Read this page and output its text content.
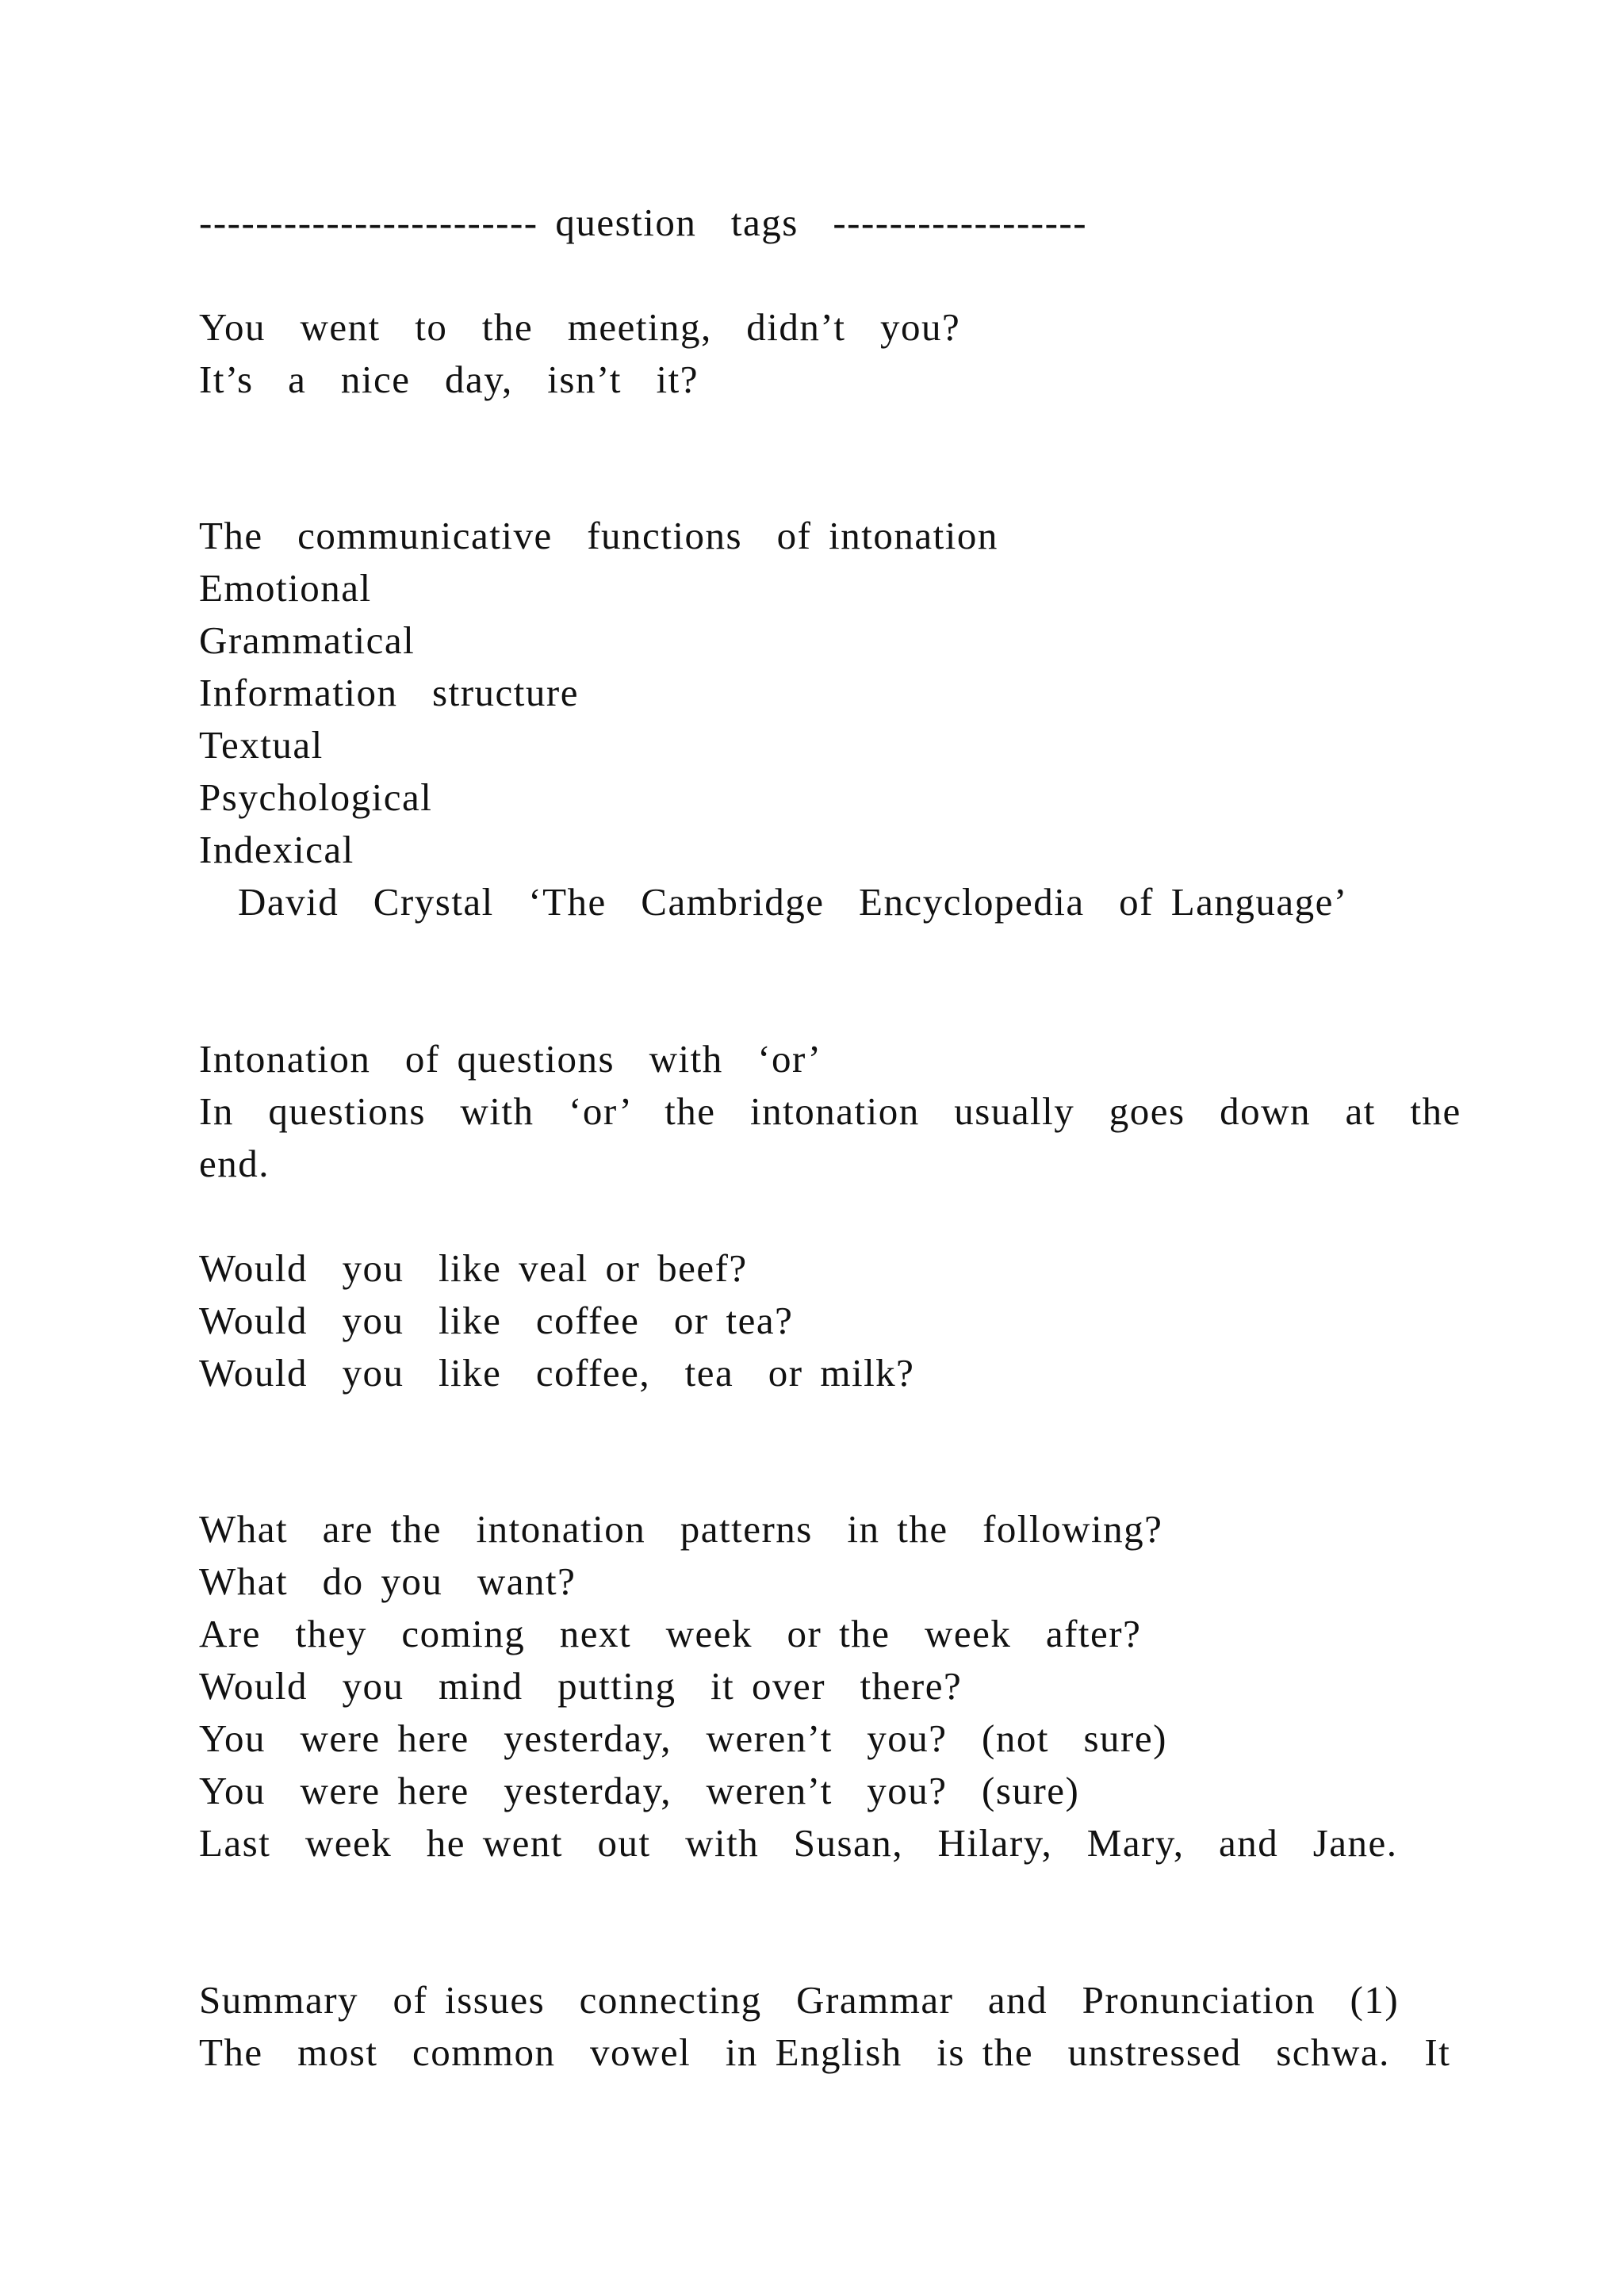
------------------------ question  tags  ------------------
You  went  to  the  meeting,  didn’t  you?
It’s  a  nice  day,  isn’t  it?
The  communicative  functions  of intonation
Emotional
Grammatical
Information  structure
Textual
Psychological
Indexical
David  Crystal  ‘The  Cambridge  Encyclopedia  of Language’
Intonation  of questions  with  ‘or’
In  questions  with  ‘or’  the  intonation  usually  goes  down  at  the
end.
Would  you  like veal or beef?
Would  you  like  coffee  or tea?
Would  you  like  coffee,  tea  or milk?
What  are the  intonation  patterns  in the  following?
What  do you  want?
Are  they  coming  next  week  or the  week  after?
Would  you  mind  putting  it over  there?
You  were here  yesterday,  weren’t  you?  (not  sure)
You  were here  yesterday,  weren’t  you?  (sure)
Last  week  he went  out  with  Susan,  Hilary,  Mary,  and  Jane.
Summary  of issues  connecting  Grammar  and  Pronunciation  (1)
The  most  common  vowel  in English  is the  unstressed  schwa.  It
